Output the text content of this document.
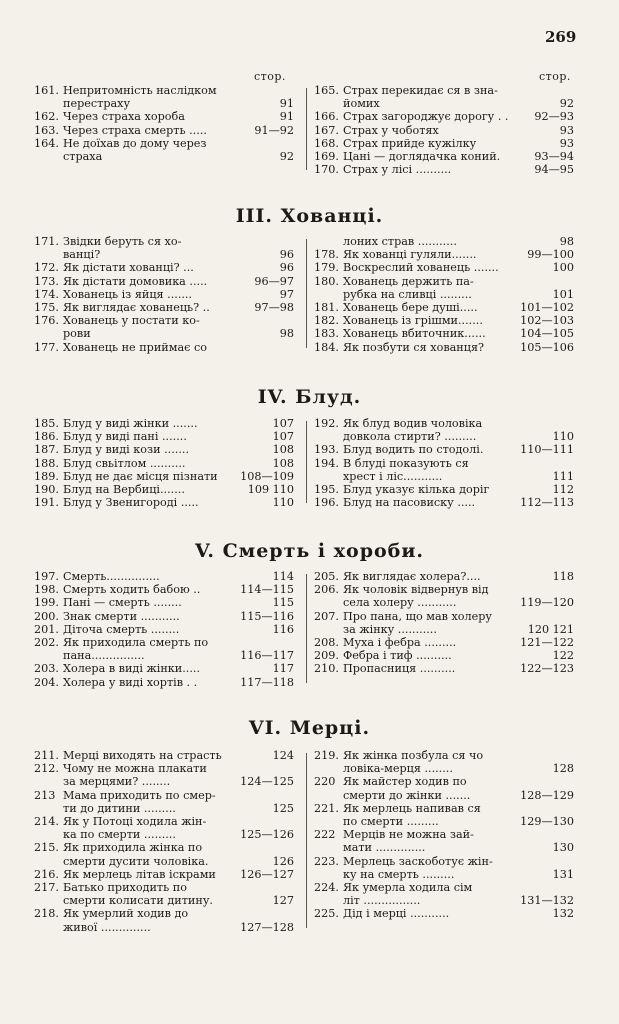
269
стор.	стор.
161. Непритомність наслідком
перестраху	91
162. Через страха хороба	91
163. Через страха смерть .....	91—92
164. Не доїхав до дому через
страха	92
165. Страх перекидає ся в зна-
йомих	92
166. Страх загороджує дорогу . . 92—93
167. Страх у чоботях	93
168. Страх прийде кужілку	93
169. Цані — доглядачка коний.	93—94
170. Страх у лісі ..........	94—95
III. Хованці.
171. Звідки беруть ся хо-
ванці?	96
172. Як дістати хованці? ...	96
173. Як дістати домовика .....	96—97
174. Хованець із яйця .......	97
175. Як виглядає хованець? ..	97—98
176. Хованець у постати ко-
рови	98
177. Хованець не приймає со
лоних страв ...........	98
178. Як хованці гуляли.......	99—100
179. Воскреслий хованець .......	100
180. Хованець держить па-
рубка на сливці .........	101
181. Хованець бере душі.....	101—102
182. Хованець із грішми.......	102—103
183. Хованець вбиточник......	104—105
184. Як позбути ся хованця?	105—106
IV. Блуд.
185. Блуд у виді жінки .......	107
186. Блуд у виді пані .......	107
187. Блуд у виді кози .......	108
188. Блуд свьітлом ..........	108
189. Блуд не дає місця пізнати 108—109
190. Блуд на Вербиці.......	109 110
191. Блуд у Звенигороді .....	110
192. Як блуд водив чоловіка
довкола стирти? .........	110
193. Блуд водить по стодолі.	110—111
194. В блуді показують ся
хрест і ліс...........	111
195. Блуд указує кілька доріг	112
196. Блуд на пасовиску .....	112—113
V. Смерть і хороби.
197. Смерть...............	114
198. Смерть ходить бабою ..	114—115
199. Пані — смерть ........	115
200. Знак смерти ...........	115—116
201. Діточа смерть ........	116
202. Як приходила смерть по
пана...............	116—117
203. Холера в виді жінки.....	117
204. Холера у виді хортів . .	117—118
205. Як виглядає холера?....	118
206. Як чоловік відвернув від
села холеру ...........	119—120
207. Про пана, що мав холеру
за жінку ...........	120 121
208. Муха і фебра .........	121—122
209. Фебра і тиф ..........	122
210. Пропасниця ..........	122—123
VI. Мерці.
211. Мерці виходять на страсть	124
212. Чому не можна плакати
за мерцями? ........	124—125
213 Мама приходить по смер-
ти до дитини .........	125
214. Як у Потоці ходила жін-
ка по смерти .........	125—126
215. Як приходила жінка по
смерти дусити чоловіка.	126
216. Як мерлець літав іскрами 126—127
217. Батько приходить по
смерти колисати дитину.	127
218. Як умерлий ходив до
живої ..............	127—128
219. Як жінка позбула ся чо
ловіка-мерця ........	128
220 Як майстер ходив по
смерти до жінки .......	128—129
221. Як мерлець напивав ся
по смерти .........	129—130
222 Мерців не можна зай-
мати ..............	130
223. Мерлець заскоботує жін-
ку на смерть .........	131
224. Як умерла ходила сім
літ ................	131—132
225. Дід і мерці ...........	132
